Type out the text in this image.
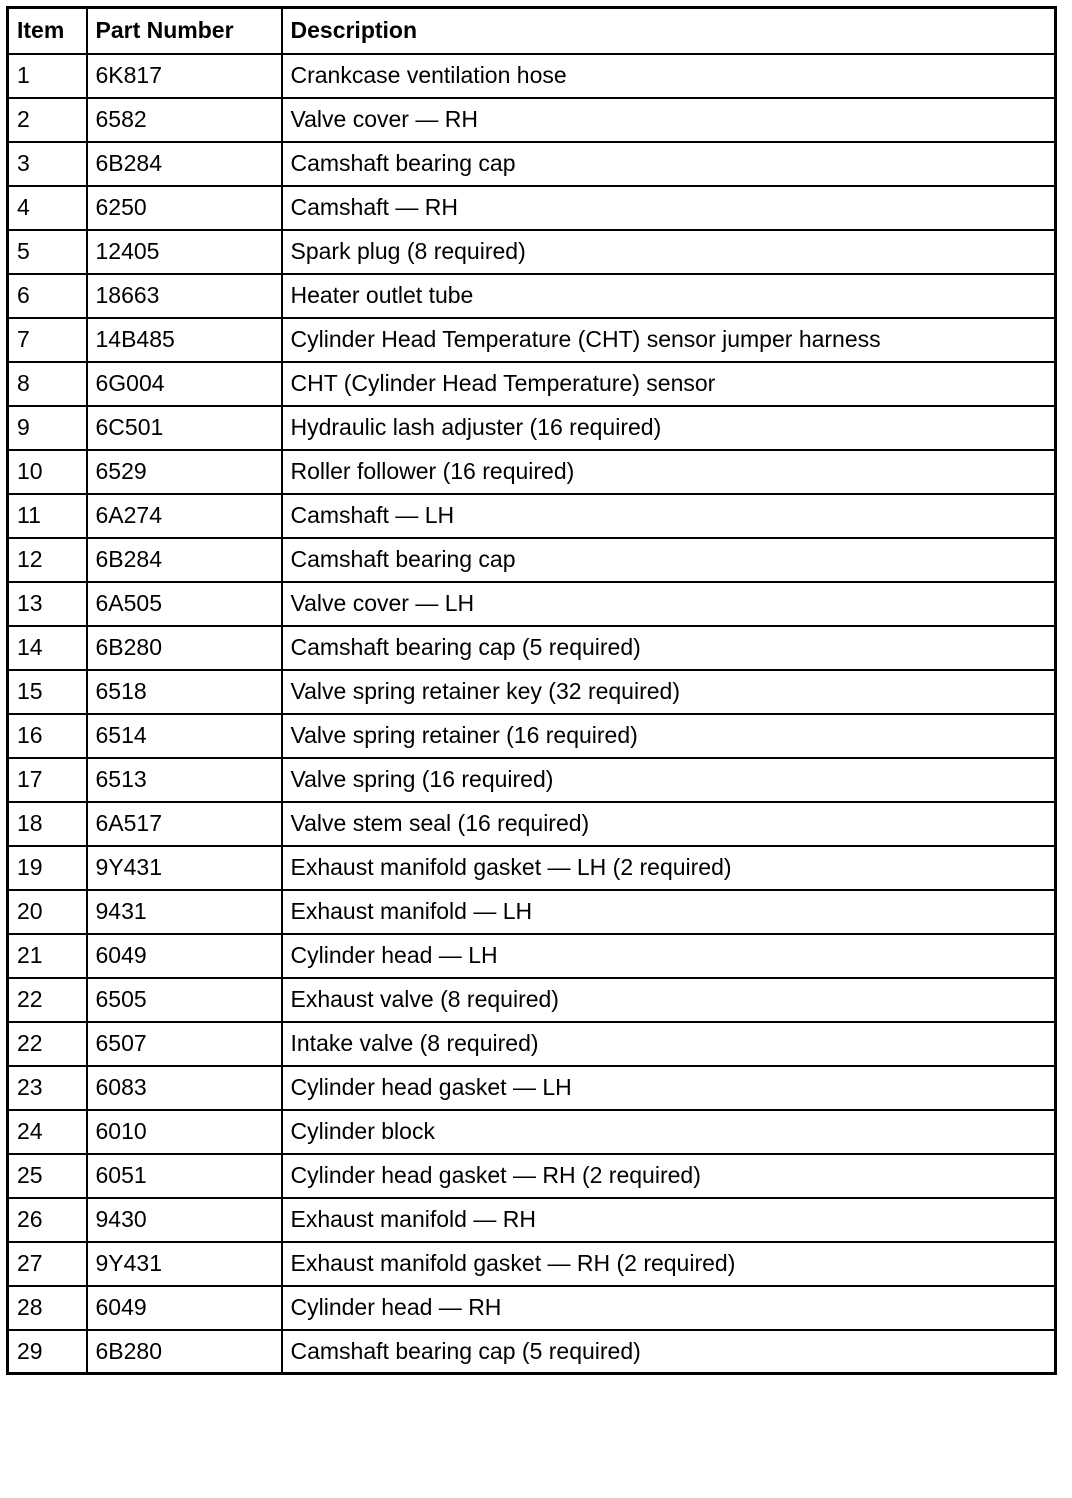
Item	Part Number	Description
1	6K817	Crankcase ventilation hose
2	6582	Valve cover — RH
3	6B284	Camshaft bearing cap
4	6250	Camshaft — RH
5	12405	Spark plug (8 required)
6	18663	Heater outlet tube
7	14B485	Cylinder Head Temperature (CHT) sensor jumper harness
8	6G004	CHT (Cylinder Head Temperature) sensor
9	6C501	Hydraulic lash adjuster (16 required)
10	6529	Roller follower (16 required)
11	6A274	Camshaft — LH
12	6B284	Camshaft bearing cap
13	6A505	Valve cover — LH
14	6B280	Camshaft bearing cap (5 required)
15	6518	Valve spring retainer key (32 required)
16	6514	Valve spring retainer (16 required)
17	6513	Valve spring (16 required)
18	6A517	Valve stem seal (16 required)
19	9Y431	Exhaust manifold gasket — LH (2 required)
20	9431	Exhaust manifold — LH
21	6049	Cylinder head — LH
22	6505	Exhaust valve (8 required)
22	6507	Intake valve (8 required)
23	6083	Cylinder head gasket — LH
24	6010	Cylinder block
25	6051	Cylinder head gasket — RH (2 required)
26	9430	Exhaust manifold — RH
27	9Y431	Exhaust manifold gasket — RH (2 required)
28	6049	Cylinder head — RH
29	6B280	Camshaft bearing cap (5 required)
